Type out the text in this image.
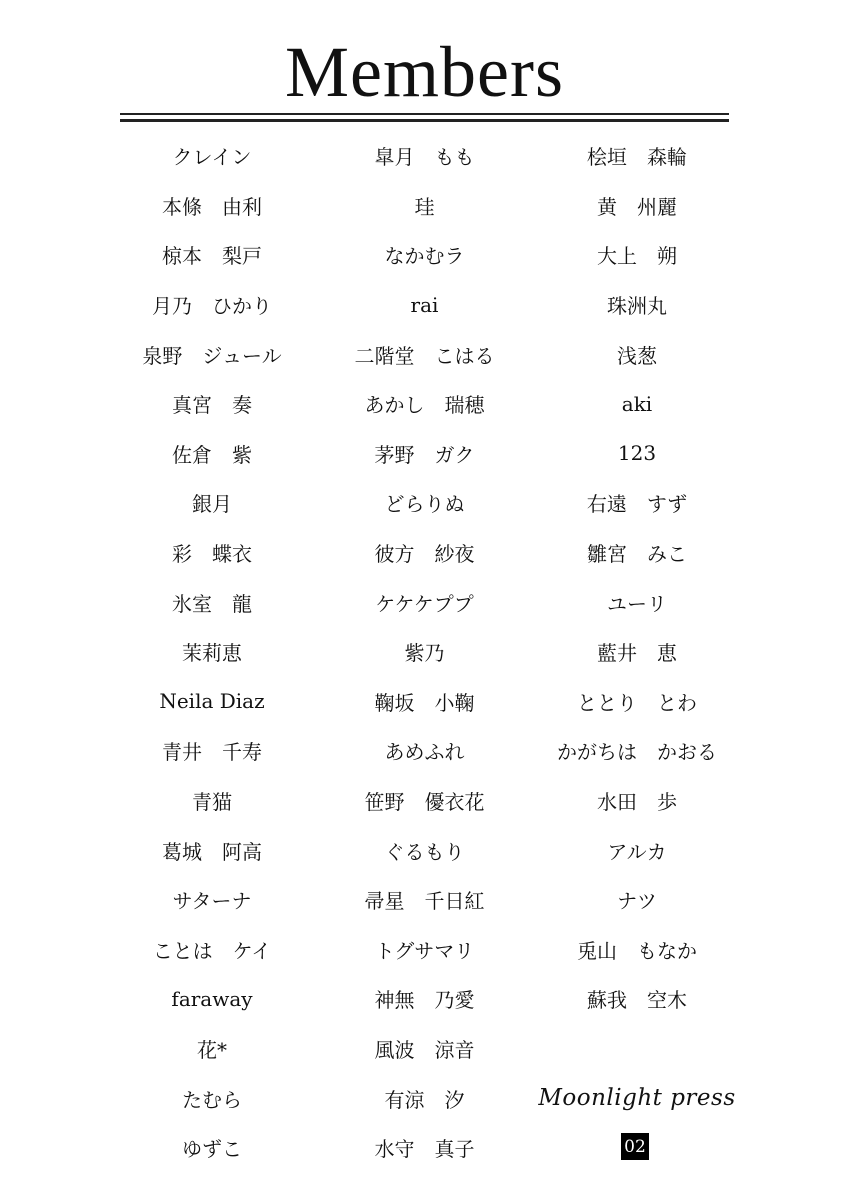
Members
クレイン	皐月　もも	桧垣　森輪
本條　由利	珪	黄　州麗
椋本　梨戸	なかむラ	大上　朔
月乃　ひかり	rai	珠洲丸
泉野　ジュール	二階堂　こはる	浅葱
真宮　奏	あかし　瑞穂	aki
佐倉　紫	茅野　ガク	123
銀月	どらりぬ	右遠　すず
彩　蝶衣	彼方　紗夜	雛宮　みこ
氷室　龍	ケケケププ	ユーリ
茉莉恵	紫乃	藍井　恵
Neila Diaz	鞠坂　小鞠	ととり　とわ
青井　千寿	あめふれ	かがちは　かおる
青猫	笹野　優衣花	水田　歩
葛城　阿高	ぐるもり	アルカ
サターナ	帚星　千日紅	ナツ
ことは　ケイ	トグサマリ	兎山　もなか
faraway	神無　乃愛	蘇我　空木
花*	風波　涼音
たむら	有涼　汐	Moonlight press
ゆずこ	水守　真子	02
